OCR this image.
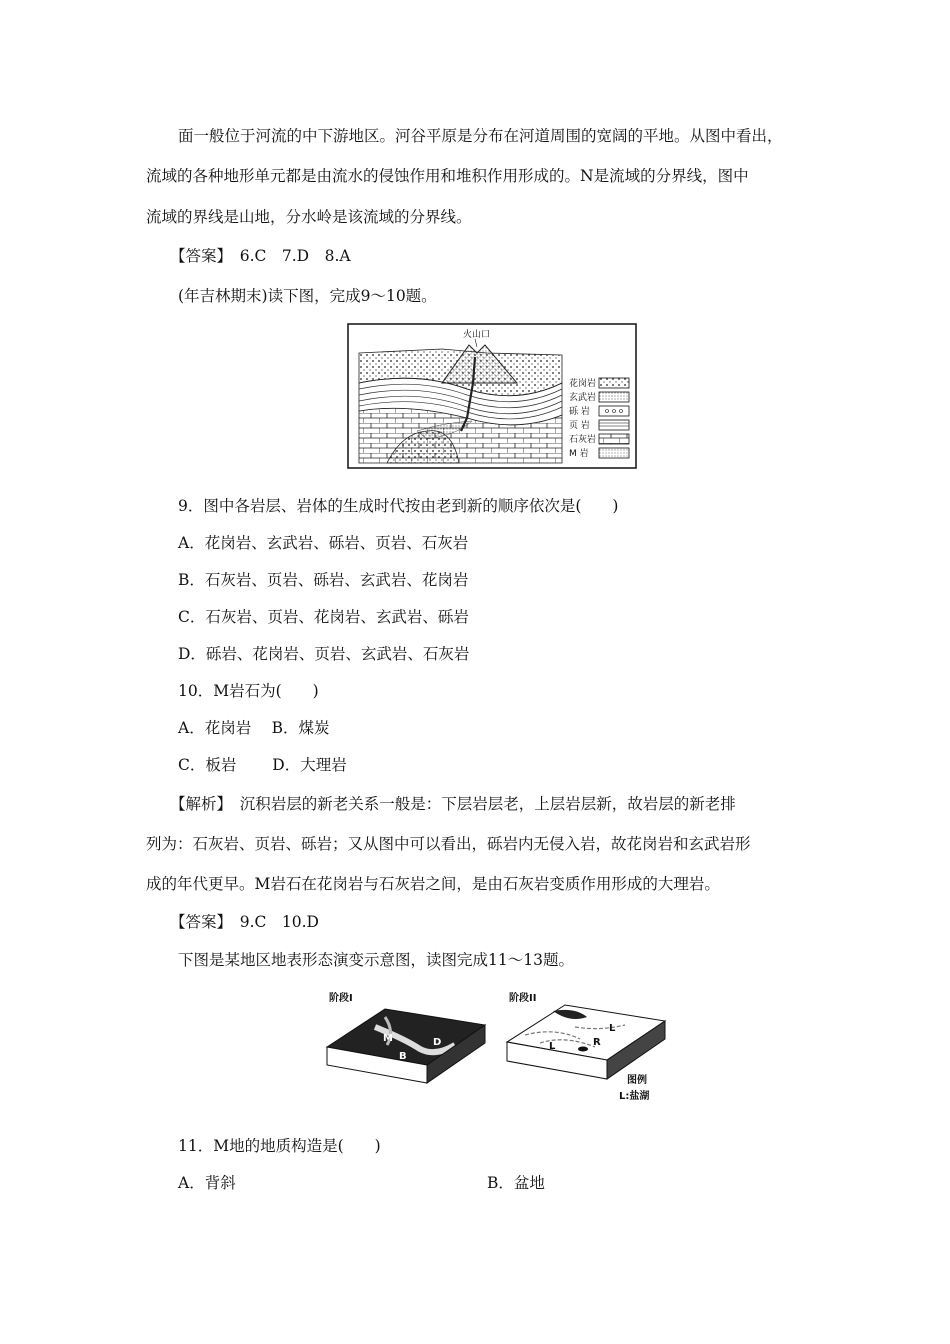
面一般位于河流的中下游地区。河谷平原是分布在河道周围的宽阔的平地。从图中看出，
流域的各种地形单元都是由流水的侵蚀作用和堆积作用形成的。N是流域的分界线，图中
流域的界线是山地，分水岭是该流域的分界线。
【答案】　6.C　7.D　8.A
(年吉林期末)读下图，完成9～10题。
火山口
花岗岩
玄武岩
砾 岩
页 岩
石灰岩
M 岩
9．图中各岩层、岩体的生成时代按由老到新的顺序依次是(　　)
A．花岗岩、玄武岩、砾岩、页岩、石灰岩
B．石灰岩、页岩、砾岩、玄武岩、花岗岩
C．石灰岩、页岩、花岗岩、玄武岩、砾岩
D．砾岩、花岗岩、页岩、玄武岩、石灰岩
10．M岩石为(　　)
A．花岗岩　 B．煤炭
C．板岩　　 D．大理岩
【解析】　沉积岩层的新老关系一般是：下层岩层老，上层岩层新，故岩层的新老排
列为：石灰岩、页岩、砾岩；又从图中可以看出，砾岩内无侵入岩，故花岗岩和玄武岩形
成的年代更早。M岩石在花岗岩与石灰岩之间，是由石灰岩变质作用形成的大理岩。
【答案】　9.C　10.D
下图是某地区地表形态演变示意图，读图完成11～13题。
阶段I
M	D
B
阶段II
L	R
L
图例
L:盐湖
11．M地的地质构造是(　　)
A．背斜	B．盆地
